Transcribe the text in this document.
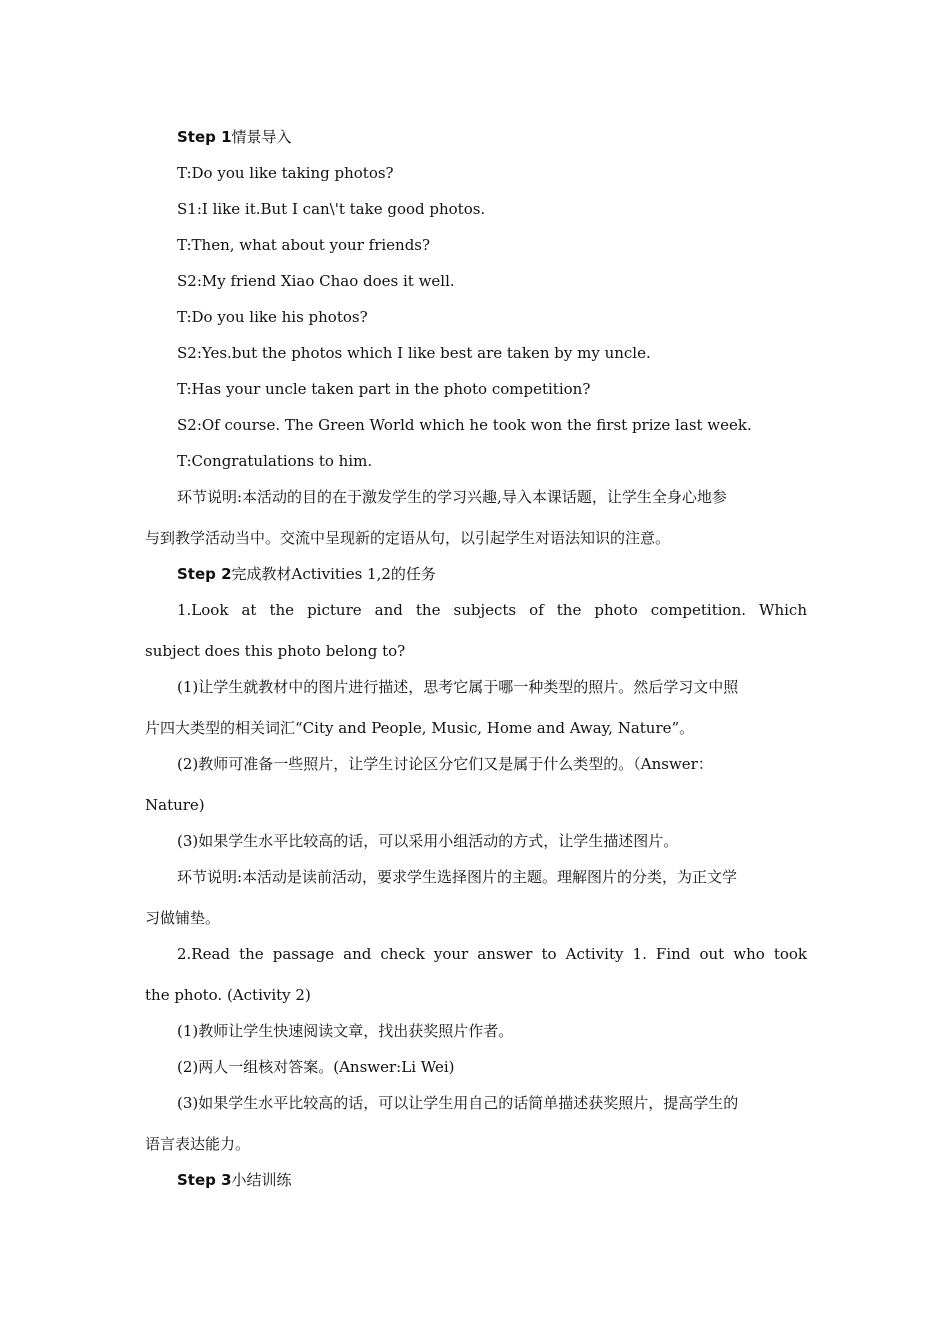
Step 1情景导入
T:Do you like taking photos?
S1:I like it.But I can\'t take good photos.
T:Then, what about your friends?
S2:My friend Xiao Chao does it well.
T:Do you like his photos?
S2:Yes.but the photos which I like best are taken by my uncle.
T:Has your uncle taken part in the photo competition?
S2:Of course. The Green World which he took won the first prize last week.
T:Congratulations to him.
环节说明:本活动的目的在于激发学生的学习兴趣,导入本课话题，让学生全身心地参
与到教学活动当中。交流中呈现新的定语从句，以引起学生对语法知识的注意。
Step 2完成教材Activities 1,2的任务
1.Look at the picture and the subjects of the photo competition. Which
subject does this photo belong to?
(1)让学生就教材中的图片进行描述，思考它属于哪一种类型的照片。然后学习文中照
片四大类型的相关词汇“City and People, Music, Home and Away, Nature”。
(2)教师可准备一些照片，让学生讨论区分它们又是属于什么类型的。（Answer：
Nature)
(3)如果学生水平比较高的话，可以采用小组活动的方式，让学生描述图片。
环节说明:本活动是读前活动，要求学生选择图片的主题。理解图片的分类，为正文学
习做铺垫。
2.Read the passage and check your answer to Activity 1. Find out who took
the photo. (Activity 2)
(1)教师让学生快速阅读文章，找出获奖照片作者。
(2)两人一组核对答案。(Answer:Li Wei)
(3)如果学生水平比较高的话，可以让学生用自己的话简单描述获奖照片，提高学生的
语言表达能力。
Step 3小结训练
